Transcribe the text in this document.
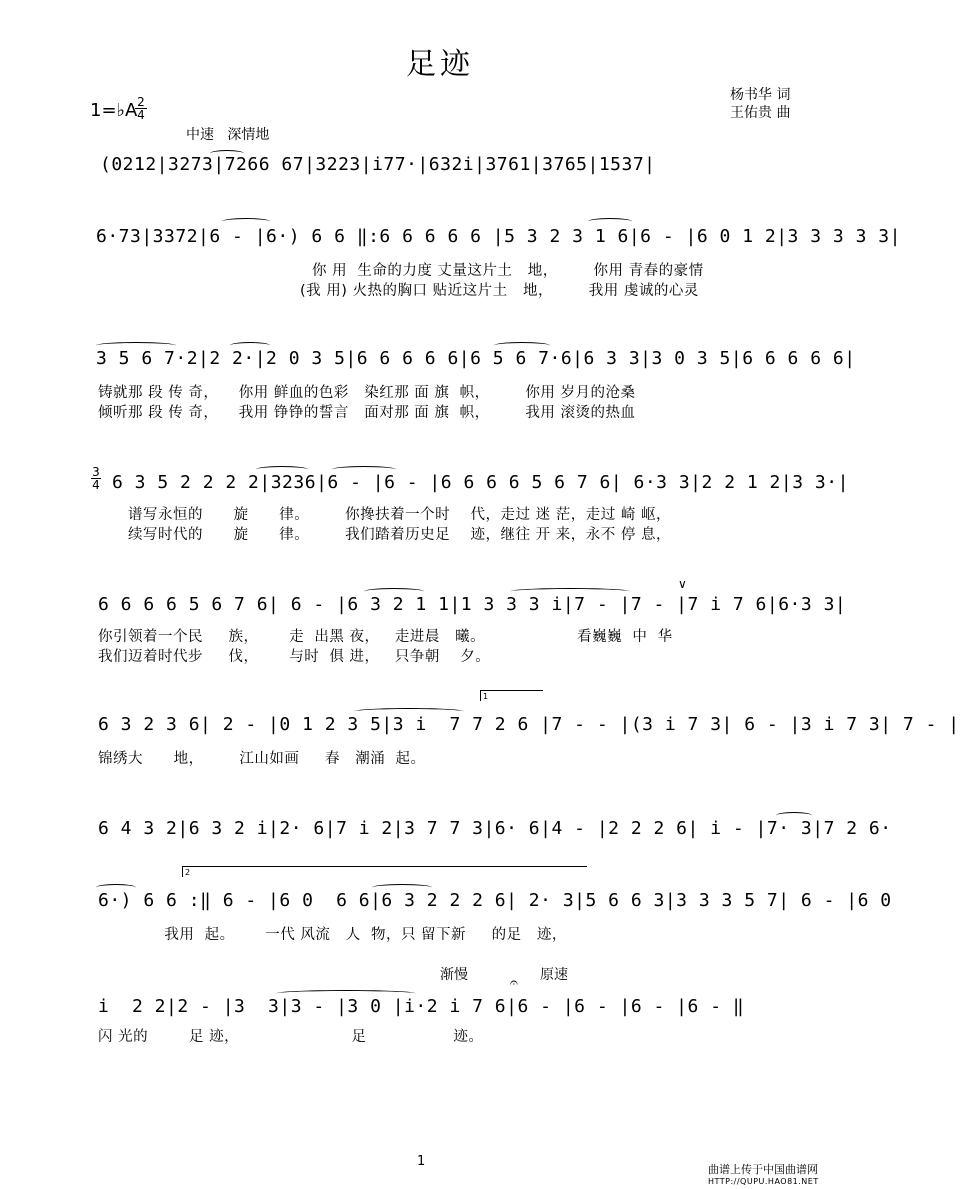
足迹
杨书华 词
王佑贵 曲
1=♭A 2
4
中速   深情地
(0212|3273|7266 67|3223|i77·|632i|3761|3765|1537|
6·73|3372|6 - |6·) 6 6 ‖:6 6 6 6 6 |5 3 2 3 1 6|6 - |6 0 1 2|3 3 3 3 3|
你 用  生命的力度 丈量这片土   地，       你用 青春的豪情
(我 用) 火热的胸口 贴近这片土   地，       我用 虔诚的心灵
3 5 6 7·2|2 2·|2 0 3 5|6 6 6 6 6|6 5 6 7·6|6 3 3|3 0 3 5|6 6 6 6 6|
铸就那 段 传 奇，    你用 鲜血的色彩   染红那 面 旗  帜，       你用 岁月的沧桑
倾听那 段 传 奇，    我用 铮铮的誓言   面对那 面 旗  帜，       我用 滚烫的热血
3
4 6 3 5 2 2 2 2|3236|6 - |6 - |6 6 6 6 5 6 7 6| 6·3 3|2 2 1 2|3 3·|
谱写永恒的      旋      律。       你搀扶着一个时    代，走过 迷 茫，走过 崎 岖，
续写时代的      旋      律。       我们踏着历史足    迹，继往 开 来，永不 停 息，
6 6 6 6 5 6 7 6| 6 - |6 3 2 1 1|1 3 3 3 i|7 - |7 - |7 i 7 6|6·3 3|
你引领着一个民     族，      走  出黑 夜，   走进晨   曦。                  看巍巍  中  华
我们迈着时代步     伐，      与时  俱 进，   只争朝    夕。
∨
1
6 3 2 3 6| 2 - |0 1 2 3 5|3 i  7 7 2 6 |7 - - |(3 i 7 3| 6 - |3 i 7 3| 7 - |
锦绣大      地，       江山如画     春   潮涌  起。
6 4 3 2|6 3 2 i|2· 6|7 i 2|3 7 7 3|6· 6|4 - |2 2 2 6| i - |7· 3|7 2 6·
2
6·) 6 6 :‖ 6 - |6 0  6 6|6 3 2 2 2 6| 2· 3|5 6 6 3|3 3 3 5 7| 6 - |6 0
我用  起。      一代 风流   人  物，只 留下新     的足   迹，
渐慢	𝄐 原速
i  2 2|2 - |3  3|3 - |3 0 |i·2 i 7 6|6 - |6 - |6 - |6 - ‖
闪 光的        足 迹，                      足                 迹。
1
曲谱上传于中国曲谱网
HTTP://QUPU.HAO81.NET
